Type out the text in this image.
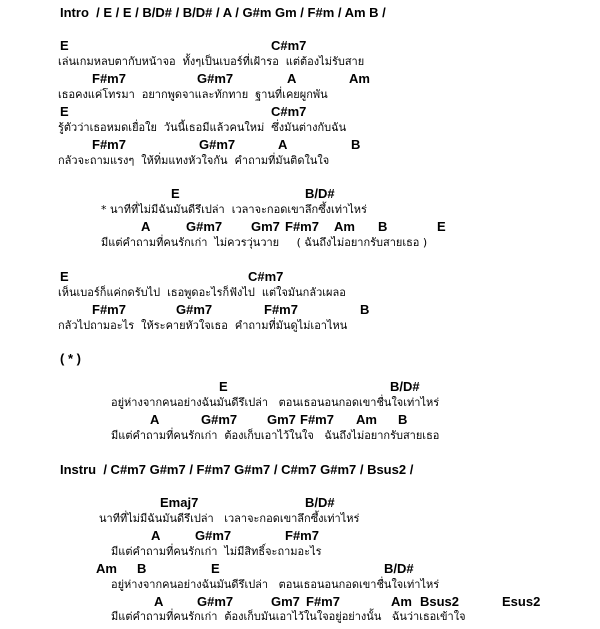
Intro  / E / E / B/D# / B/D# / A / G#m Gm / F#m / Am B /
E	C#m7
เล่นเกมหลบตากับหน้าจอ  ทั้งๆเป็นเบอร์ที่เฝ้ารอ  แต่ต้องไม่รับสาย
F#m7	G#m7	A	Am
เธอคงแค่โทรมา  อยากพูดจาและทักทาย  ฐานที่เคยผูกพัน
E	C#m7
รู้ตัวว่าเธอหมดเยื่อใย  วันนี้เธอมีแล้วคนใหม่  ซึ่งมันต่างกับฉัน
F#m7	G#m7	A	B
กลัวจะถามแรงๆ  ให้ทิ่มแทงหัวใจกัน  คำถามที่มันติดในใจ
E	B/D#
* นาทีที่ไม่มีฉันมันดีรึเปล่า  เวลาจะกอดเขาลึกซึ้งเท่าไหร่
A	G#m7 Gm7 F#m7 Am B	E
มีแต่คำถามที่คนรักเก่า  ไม่ควรวุ่นวาย     ( ฉันถึงไม่อยากรับสายเธอ )
E	C#m7
เห็นเบอร์ก็แค่กดรับไป  เธอพูดอะไรก็ฟังไป  แต่ใจมันกลัวเผลอ
F#m7	G#m7	F#m7	B
กลัวไปถามอะไร  ให้ระคายหัวใจเธอ  คำถามที่มันดูไม่เอาไหน
( * )
E	B/D#
อยู่ห่างจากคนอย่างฉันมันดีรึเปล่า   ตอนเธอนอนกอดเขาชื่นใจเท่าไหร่
A	G#m7 Gm7 F#m7 Am B
มีแต่คำถามที่คนรักเก่า  ต้องเก็บเอาไว้ในใจ   ฉันถึงไม่อยากรับสายเธอ
Instru  / C#m7 G#m7 / F#m7 G#m7 / C#m7 G#m7 / Bsus2 /
Emaj7	B/D#
นาทีที่ไม่มีฉันมันดีรึเปล่า   เวลาจะกอดเขาลึกซึ้งเท่าไหร่
A	G#m7	F#m7
มีแต่คำถามที่คนรักเก่า  ไม่มีสิทธิ์จะถามอะไร
Am B	E	B/D#
อยู่ห่างจากคนอย่างฉันมันดีรึเปล่า   ตอนเธอนอนกอดเขาชื่นใจเท่าไหร่
A	G#m7	Gm7 F#m7	Am Bsus2	Esus2
มีแต่คำถามที่คนรักเก่า  ต้องเก็บมันเอาไว้ในใจอยู่อย่างนั้น   ฉันว่าเธอเข้าใจ
